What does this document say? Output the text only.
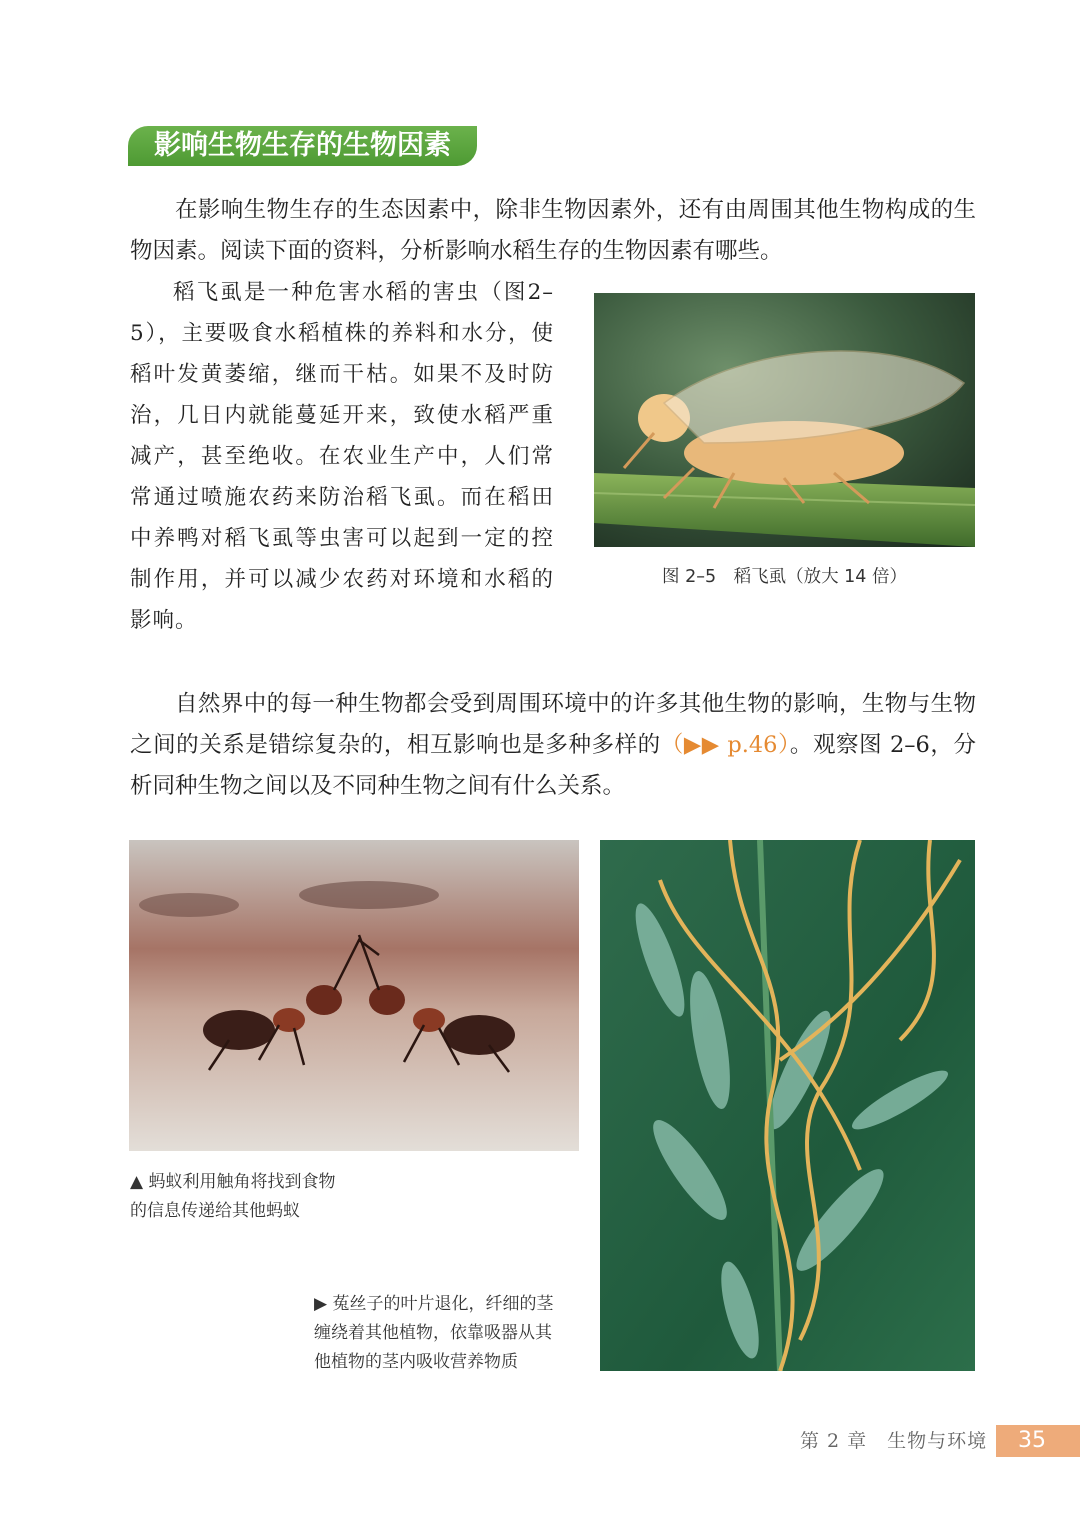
影响生物生存的生物因素

在影响生物生存的生态因素中，除非生物因素外，还有由周围其他生物构成的生物因素。阅读下面的资料，分析影响水稻生存的生物因素有哪些。

稻飞虱是一种危害水稻的害虫（图2–5），主要吸食水稻植株的养料和水分，使稻叶发黄萎缩，继而干枯。如果不及时防治，几日内就能蔓延开来，致使水稻严重减产，甚至绝收。在农业生产中，人们常常通过喷施农药来防治稻飞虱。而在稻田中养鸭对稻飞虱等虫害可以起到一定的控制作用，并可以减少农药对环境和水稻的影响。

图 2–5　稻飞虱（放大 14 倍）

自然界中的每一种生物都会受到周围环境中的许多其他生物的影响，生物与生物之间的关系是错综复杂的，相互影响也是多种多样的（▶▶ p.46）。观察图 2–6，分析同种生物之间以及不同种生物之间有什么关系。

▲ 蚂蚁利用触角将找到食物
的信息传递给其他蚂蚁

▶ 菟丝子的叶片退化，纤细的茎
缠绕着其他植物，依靠吸器从其
他植物的茎内吸收营养物质

第 2 章　生物与环境	35
